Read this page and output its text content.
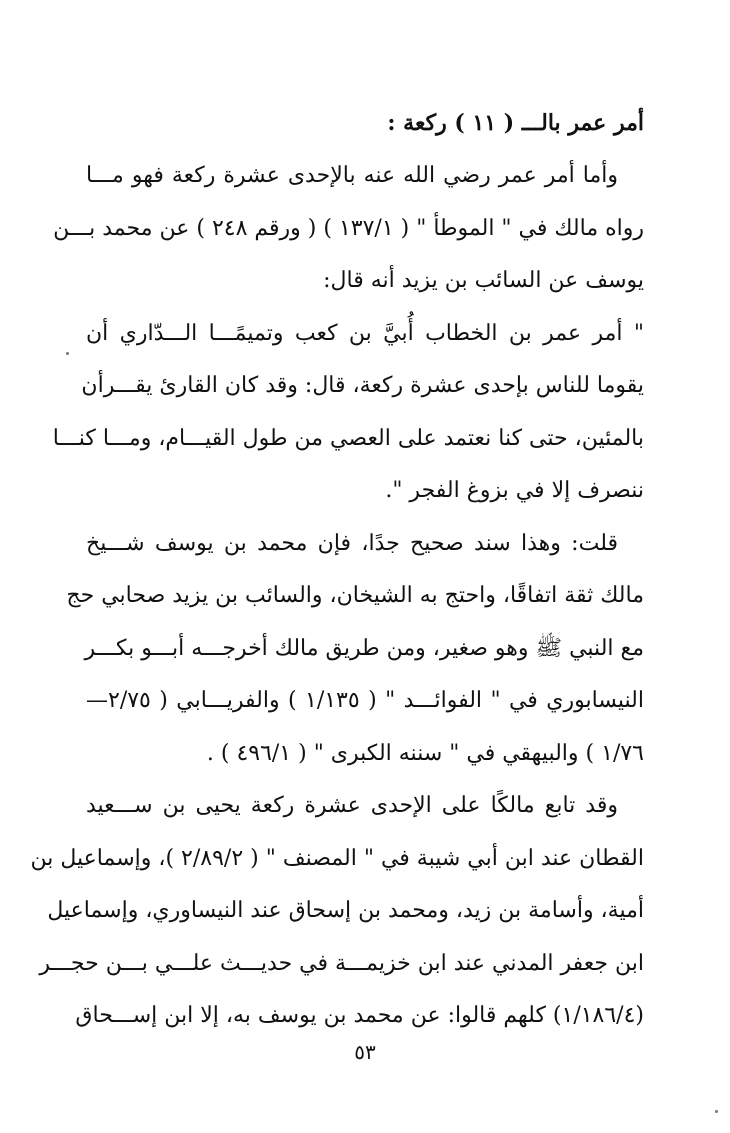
أمر عمر بالـــ ( ١١ ) ركعة :
وأما أمر عمر رضي الله عنه بالإحدى عشرة ركعة فهو مـــا
رواه مالك في " الموطأ " ( ١٣٧/١ ) ( ورقم ٢٤٨ ) عن محمد بـــن
يوسف عن السائب بن يزيد أنه قال:
" أمر عمر بن الخطاب أُبيَّ بن كعب وتميمًـــا الـــدّاري أن
يقوما للناس بإحدى عشرة ركعة، قال: وقد كان القارئ يقـــرأن
بالمئين، حتى كنا نعتمد على العصي من طول القيـــام، ومـــا كنـــا
ننصرف إلا في بزوغ الفجر ".
قلت: وهذا سند صحيح جدًا، فإن محمد بن يوسف شـــيخ
مالك ثقة اتفاقًا، واحتج به الشيخان، والسائب بن يزيد صحابي حج
مع النبي ﷺ وهو صغير، ومن طريق مالك أخرجـــه أبـــو بكـــر
النيسابوري في " الفوائـــد " ( ١/١٣٥ ) والفريـــابي ( ٢/٧٥—
١/٧٦ ) والبيهقي في " سننه الكبرى " ( ٤٩٦/١ ) .
وقد تابع مالكًا على الإحدى عشرة ركعة يحيى بن ســـعيد
القطان عند ابن أبي شيبة في " المصنف " ( ٢/٨٩/٢ )، وإسماعيل بن
أمية، وأسامة بن زيد، ومحمد بن إسحاق عند النيساوري، وإسماعيل
ابن جعفر المدني عند ابن خزيمـــة في حديـــث علـــي بـــن حجـــر
٥٣
(١/١٨٦/٤) كلهم قالوا: عن محمد بن يوسف به، إلا ابن إســـحاق
